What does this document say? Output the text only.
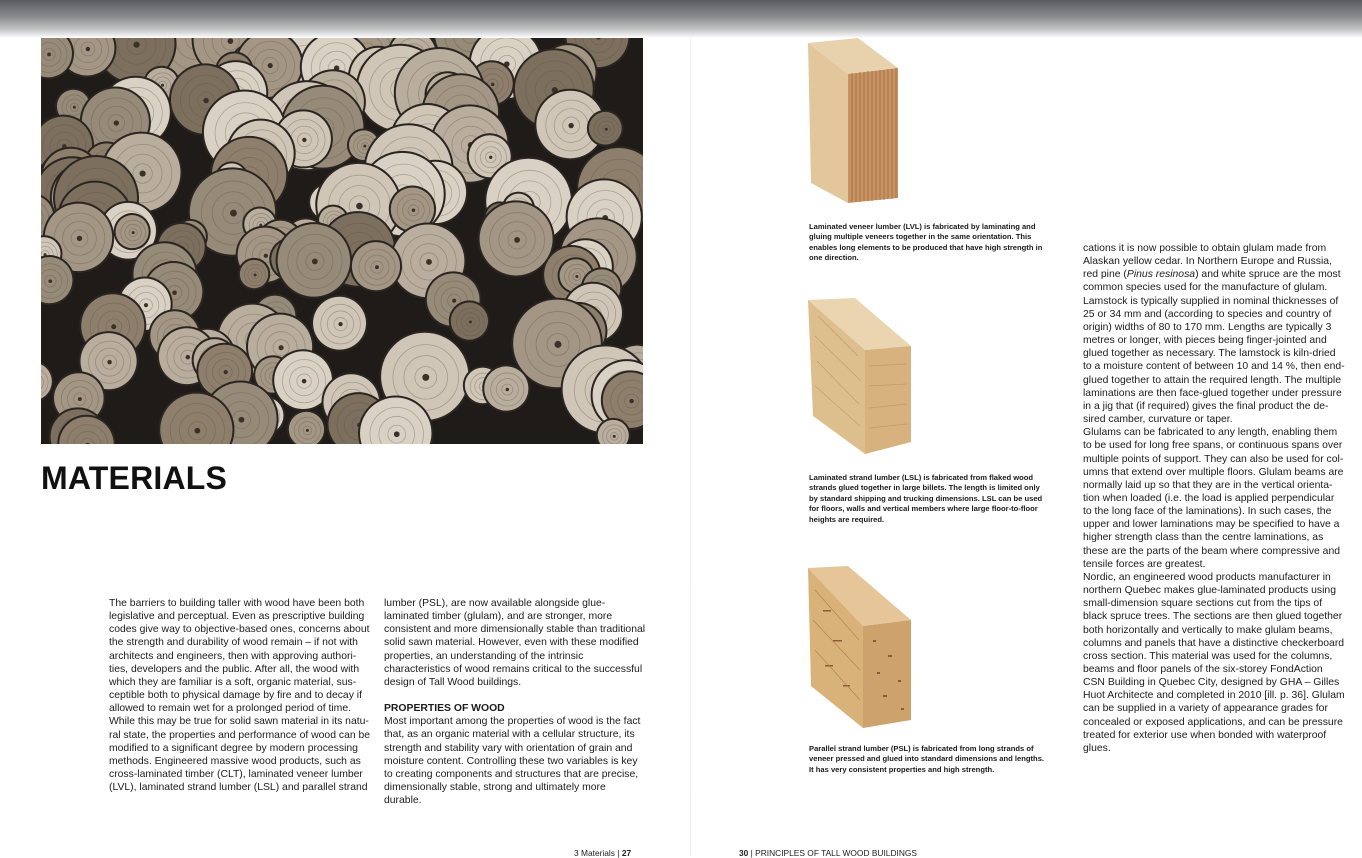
MATERIALS

The barriers to building taller with wood have been both legislative and perceptual. Even as prescriptive building codes give way to objective-based ones, concerns about the strength and durability of wood remain – if not with architects and engineers, then with approving authorities, developers and the public. After all, the wood with which they are familiar is a soft, organic material, susceptible both to physical damage by fire and to decay if allowed to remain wet for a prolonged period of time. While this may be true for solid sawn material in its natural state, the properties and performance of wood can be modified to a significant degree by modern processing methods. Engineered massive wood products, such as cross-laminated timber (CLT), laminated veneer lumber (LVL), laminated strand lumber (LSL) and parallel strand

lumber (PSL), are now available alongside glue-laminated timber (glulam), and are stronger, more consistent and more dimensionally stable than traditional solid sawn material. However, even with these modified properties, an understanding of the intrinsic characteristics of wood remains critical to the successful design of Tall Wood buildings.

PROPERTIES OF WOOD

Most important among the properties of wood is the fact that, as an organic material with a cellular structure, its strength and stability vary with orientation of grain and moisture content. Controlling these two variables is key to creating components and structures that are precise, dimensionally stable, strong and ultimately more durable.

Laminated veneer lumber (LVL) is fabricated by laminating and gluing multiple veneers together in the same orientation. This enables long elements to be produced that have high strength in one direction.
Laminated strand lumber (LSL) is fabricated from flaked wood strands glued together in large billets. The length is limited only by standard shipping and trucking dimensions. LSL can be used for floors, walls and vertical members where large floor-to-floor heights are required.
Parallel strand lumber (PSL) is fabricated from long strands of veneer pressed and glued into standard dimensions and lengths. It has very consistent properties and high strength.

cations it is now possible to obtain glulam made from Alaskan yellow cedar. In Northern Europe and Russia, red pine (Pinus resinosa) and white spruce are the most common species used for the manufacture of glulam. Lamstock is typically supplied in nominal thicknesses of 25 or 34 mm and (according to species and country of origin) widths of 80 to 170 mm. Lengths are typically 3 metres or longer, with pieces being finger-jointed and glued together as necessary. The lamstock is kiln-dried to a moisture content of between 10 and 14 %, then end-glued together to attain the required length. The multiple laminations are then face-glued together under pressure in a jig that (if required) gives the final product the desired camber, curvature or taper.

Glulams can be fabricated to any length, enabling them to be used for long free spans, or continuous spans over multiple points of support. They can also be used for columns that extend over multiple floors. Glulam beams are normally laid up so that they are in the vertical orientation when loaded (i.e. the load is applied perpendicular to the long face of the laminations). In such cases, the upper and lower laminations may be specified to have a higher strength class than the centre laminations, as these are the parts of the beam where compressive and tensile forces are greatest.

Nordic, an engineered wood products manufacturer in northern Quebec makes glue-laminated products using small-dimension square sections cut from the tips of black spruce trees. The sections are then glued together both horizontally and vertically to make glulam beams, columns and panels that have a distinctive checkerboard cross section. This material was used for the columns, beams and floor panels of the six-storey FondAction CSN Building in Quebec City, designed by GHA – Gilles Huot Architecte and completed in 2010 [ill. p. 36]. Glulam can be supplied in a variety of appearance grades for concealed or exposed applications, and can be pressure treated for exterior use when bonded with waterproof glues.

3 Materials | 27	30 | PRINCIPLES OF TALL WOOD BUILDINGS
